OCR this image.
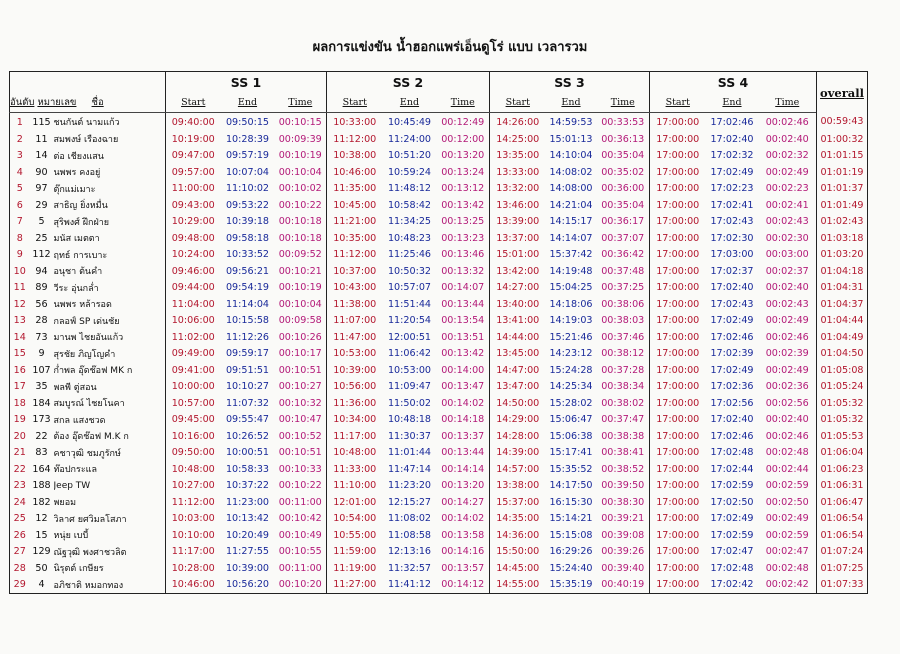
ผลการแข่งขัน น้ำฮอกแพร่เอ็นดูโร่ แบบ เวลารวม
			SS 1			SS 2			SS 3			SS 4			overall
อันดับ หมายเลข ชื่อ			Start	End	Time	Start	End	Time	Start	End	Time	Start	End	Time	
1	115	ชนกันต์ นามแก้ว	09:40:00	09:50:15	00:10:15	10:33:00	10:45:49	00:12:49	14:26:00	14:59:53	00:33:53	17:00:00	17:02:46	00:02:46	00:59:43
2	11	สมพงษ์ เรืองฉาย	10:19:00	10:28:39	00:09:39	11:12:00	11:24:00	00:12:00	14:25:00	15:01:13	00:36:13	17:00:00	17:02:40	00:02:40	01:00:32
3	14	ต่อ เชียงแสน	09:47:00	09:57:19	00:10:19	10:38:00	10:51:20	00:13:20	13:35:00	14:10:04	00:35:04	17:00:00	17:02:32	00:02:32	01:01:15
4	90	นพพร คงอยู่	09:57:00	10:07:04	00:10:04	10:46:00	10:59:24	00:13:24	13:33:00	14:08:02	00:35:02	17:00:00	17:02:49	00:02:49	01:01:19
5	97	ตุ๊กแม่เมาะ	11:00:00	11:10:02	00:10:02	11:35:00	11:48:12	00:13:12	13:32:00	14:08:00	00:36:00	17:00:00	17:02:23	00:02:23	01:01:37
6	29	สาธิญ ยิ่งหมื่น	09:43:00	09:53:22	00:10:22	10:45:00	10:58:42	00:13:42	13:46:00	14:21:04	00:35:04	17:00:00	17:02:41	00:02:41	01:01:49
7	5	สุริพงศ์ ฝึกฝ่าย	10:29:00	10:39:18	00:10:18	11:21:00	11:34:25	00:13:25	13:39:00	14:15:17	00:36:17	17:00:00	17:02:43	00:02:43	01:02:43
8	25	มนัส เมตตา	09:48:00	09:58:18	00:10:18	10:35:00	10:48:23	00:13:23	13:37:00	14:14:07	00:37:07	17:00:00	17:02:30	00:02:30	01:03:18
9	112	ฤทธ์ การเบาะ	10:24:00	10:33:52	00:09:52	11:12:00	11:25:46	00:13:46	15:01:00	15:37:42	00:36:42	17:00:00	17:03:00	00:03:00	01:03:20
10	94	อนุชา ต้นคำ	09:46:00	09:56:21	00:10:21	10:37:00	10:50:32	00:13:32	13:42:00	14:19:48	00:37:48	17:00:00	17:02:37	00:02:37	01:04:18
11	89	วีระ อุ่นกล่ำ	09:44:00	09:54:19	00:10:19	10:43:00	10:57:07	00:14:07	14:27:00	15:04:25	00:37:25	17:00:00	17:02:40	00:02:40	01:04:31
12	56	นพพร หล้ารอด	11:04:00	11:14:04	00:10:04	11:38:00	11:51:44	00:13:44	13:40:00	14:18:06	00:38:06	17:00:00	17:02:43	00:02:43	01:04:37
13	28	กลอฟ์ SP เด่นชัย	10:06:00	10:15:58	00:09:58	11:07:00	11:20:54	00:13:54	13:41:00	14:19:03	00:38:03	17:00:00	17:02:49	00:02:49	01:04:44
14	73	มานพ ไชยอันแก้ว	11:02:00	11:12:26	00:10:26	11:47:00	12:00:51	00:13:51	14:44:00	15:21:46	00:37:46	17:00:00	17:02:46	00:02:46	01:04:49
15	9	สุรชัย ภิญโญคำ	09:49:00	09:59:17	00:10:17	10:53:00	11:06:42	00:13:42	13:45:00	14:23:12	00:38:12	17:00:00	17:02:39	00:02:39	01:04:50
16	107	ก่ำพล อุ๊ดช๊อฟ MK ก	09:41:00	09:51:51	00:10:51	10:39:00	10:53:00	00:14:00	14:47:00	15:24:28	00:37:28	17:00:00	17:02:49	00:02:49	01:05:08
17	35	พลพี ตู่สอน	10:00:00	10:10:27	00:10:27	10:56:00	11:09:47	00:13:47	13:47:00	14:25:34	00:38:34	17:00:00	17:02:36	00:02:36	01:05:24
18	184	สมบูรณ์ ไชยโนคา	10:57:00	11:07:32	00:10:32	11:36:00	11:50:02	00:14:02	14:50:00	15:28:02	00:38:02	17:00:00	17:02:56	00:02:56	01:05:32
19	173	สกล แสงชวด	09:45:00	09:55:47	00:10:47	10:34:00	10:48:18	00:14:18	14:29:00	15:06:47	00:37:47	17:00:00	17:02:40	00:02:40	01:05:32
20	22	ต้อง อุ๊ดช๊อฟ M.K ก	10:16:00	10:26:52	00:10:52	11:17:00	11:30:37	00:13:37	14:28:00	15:06:38	00:38:38	17:00:00	17:02:46	00:02:46	01:05:53
21	83	คชาวุฒิ ชมภูรักษ์	09:50:00	10:00:51	00:10:51	10:48:00	11:01:44	00:13:44	14:39:00	15:17:41	00:38:41	17:00:00	17:02:48	00:02:48	01:06:04
22	164	ท๊อปกระแล	10:48:00	10:58:33	00:10:33	11:33:00	11:47:14	00:14:14	14:57:00	15:35:52	00:38:52	17:00:00	17:02:44	00:02:44	01:06:23
23	188	Jeep TW	10:27:00	10:37:22	00:10:22	11:10:00	11:23:20	00:13:20	13:38:00	14:17:50	00:39:50	17:00:00	17:02:59	00:02:59	01:06:31
24	182	พยอม	11:12:00	11:23:00	00:11:00	12:01:00	12:15:27	00:14:27	15:37:00	16:15:30	00:38:30	17:00:00	17:02:50	00:02:50	01:06:47
25	12	วิลาศ ยศวิมลโสภา	10:03:00	10:13:42	00:10:42	10:54:00	11:08:02	00:14:02	14:35:00	15:14:21	00:39:21	17:00:00	17:02:49	00:02:49	01:06:54
26	15	หนุ่ย เบบี้	10:10:00	10:20:49	00:10:49	10:55:00	11:08:58	00:13:58	14:36:00	15:15:08	00:39:08	17:00:00	17:02:59	00:02:59	01:06:54
27	129	ณัฐวุฒิ พงศาชวลิต	11:17:00	11:27:55	00:10:55	11:59:00	12:13:16	00:14:16	15:50:00	16:29:26	00:39:26	17:00:00	17:02:47	00:02:47	01:07:24
28	50	นิรุตต์ เกษียร	10:28:00	10:39:00	00:11:00	11:19:00	11:32:57	00:13:57	14:45:00	15:24:40	00:39:40	17:00:00	17:02:48	00:02:48	01:07:25
29	4	อภิชาติ หมอกทอง	10:46:00	10:56:20	00:10:20	11:27:00	11:41:12	00:14:12	14:55:00	15:35:19	00:40:19	17:00:00	17:02:42	00:02:42	01:07:33
